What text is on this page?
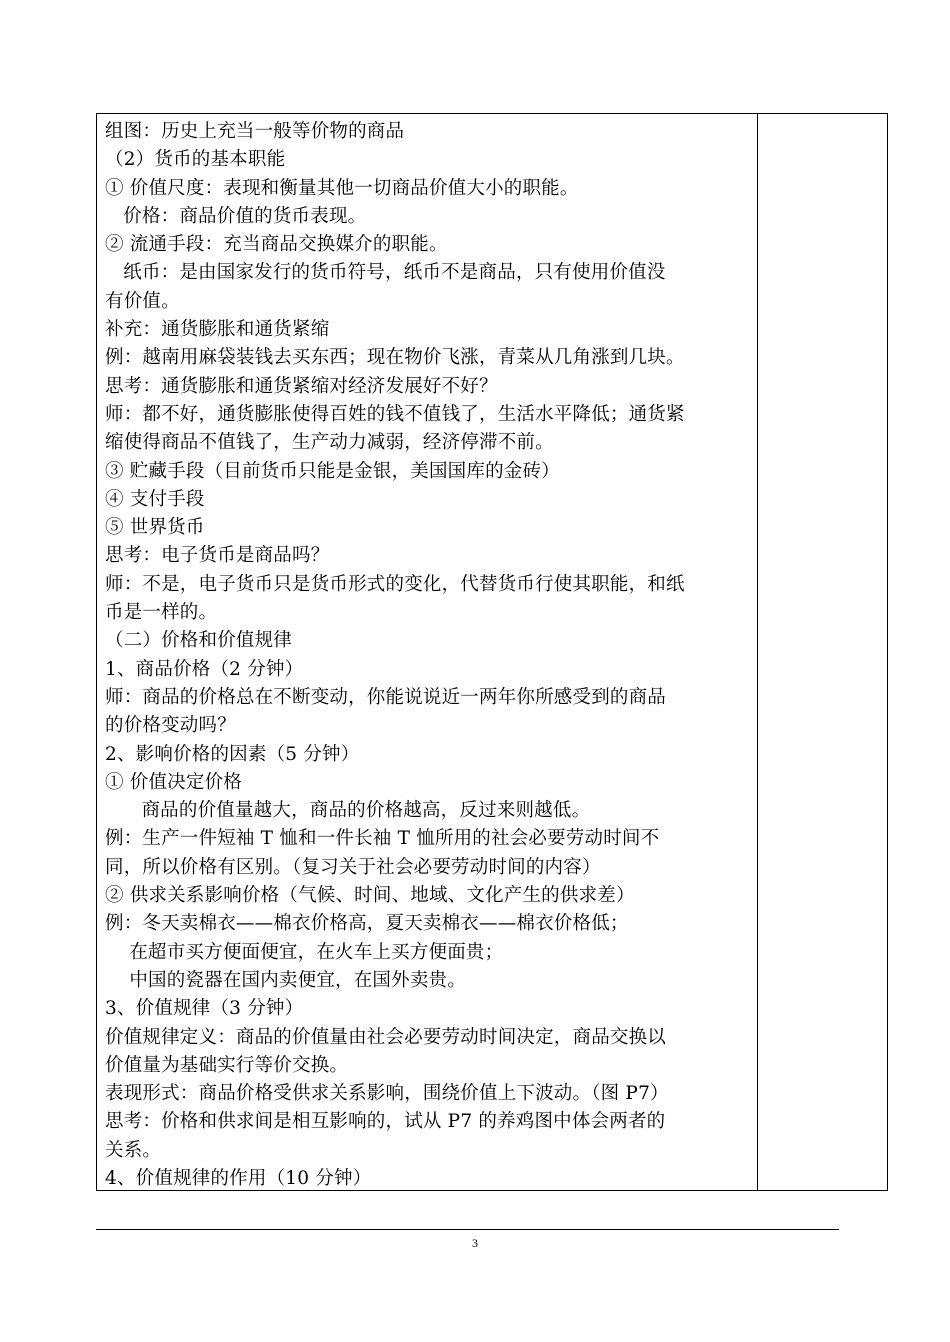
组图：历史上充当一般等价物的商品
（2）货币的基本职能
① 价值尺度：表现和衡量其他一切商品价值大小的职能。
价格：商品价值的货币表现。
② 流通手段：充当商品交换媒介的职能。
纸币：是由国家发行的货币符号，纸币不是商品，只有使用价值没
有价值。
补充：通货膨胀和通货紧缩
例：越南用麻袋装钱去买东西；现在物价飞涨，青菜从几角涨到几块。
思考：通货膨胀和通货紧缩对经济发展好不好？
师：都不好，通货膨胀使得百姓的钱不值钱了，生活水平降低；通货紧
缩使得商品不值钱了，生产动力减弱，经济停滞不前。
③ 贮藏手段（目前货币只能是金银，美国国库的金砖）
④ 支付手段
⑤ 世界货币
思考：电子货币是商品吗？
师：不是，电子货币只是货币形式的变化，代替货币行使其职能，和纸
币是一样的。
（二）价格和价值规律
1、商品价格（2 分钟）
师：商品的价格总在不断变动，你能说说近一两年你所感受到的商品
的价格变动吗？
2、影响价格的因素（5 分钟）
① 价值决定价格
商品的价值量越大，商品的价格越高，反过来则越低。
例：生产一件短袖 T 恤和一件长袖 T 恤所用的社会必要劳动时间不
同，所以价格有区别。（复习关于社会必要劳动时间的内容）
② 供求关系影响价格（气候、时间、地域、文化产生的供求差）
例：冬天卖棉衣——棉衣价格高，夏天卖棉衣——棉衣价格低；
在超市买方便面便宜，在火车上买方便面贵；
中国的瓷器在国内卖便宜，在国外卖贵。
3、价值规律（3 分钟）
价值规律定义：商品的价值量由社会必要劳动时间决定，商品交换以
价值量为基础实行等价交换。
表现形式：商品价格受供求关系影响，围绕价值上下波动。（图 P7）
思考：价格和供求间是相互影响的，试从 P7 的养鸡图中体会两者的
关系。
4、价值规律的作用（10 分钟）
3
